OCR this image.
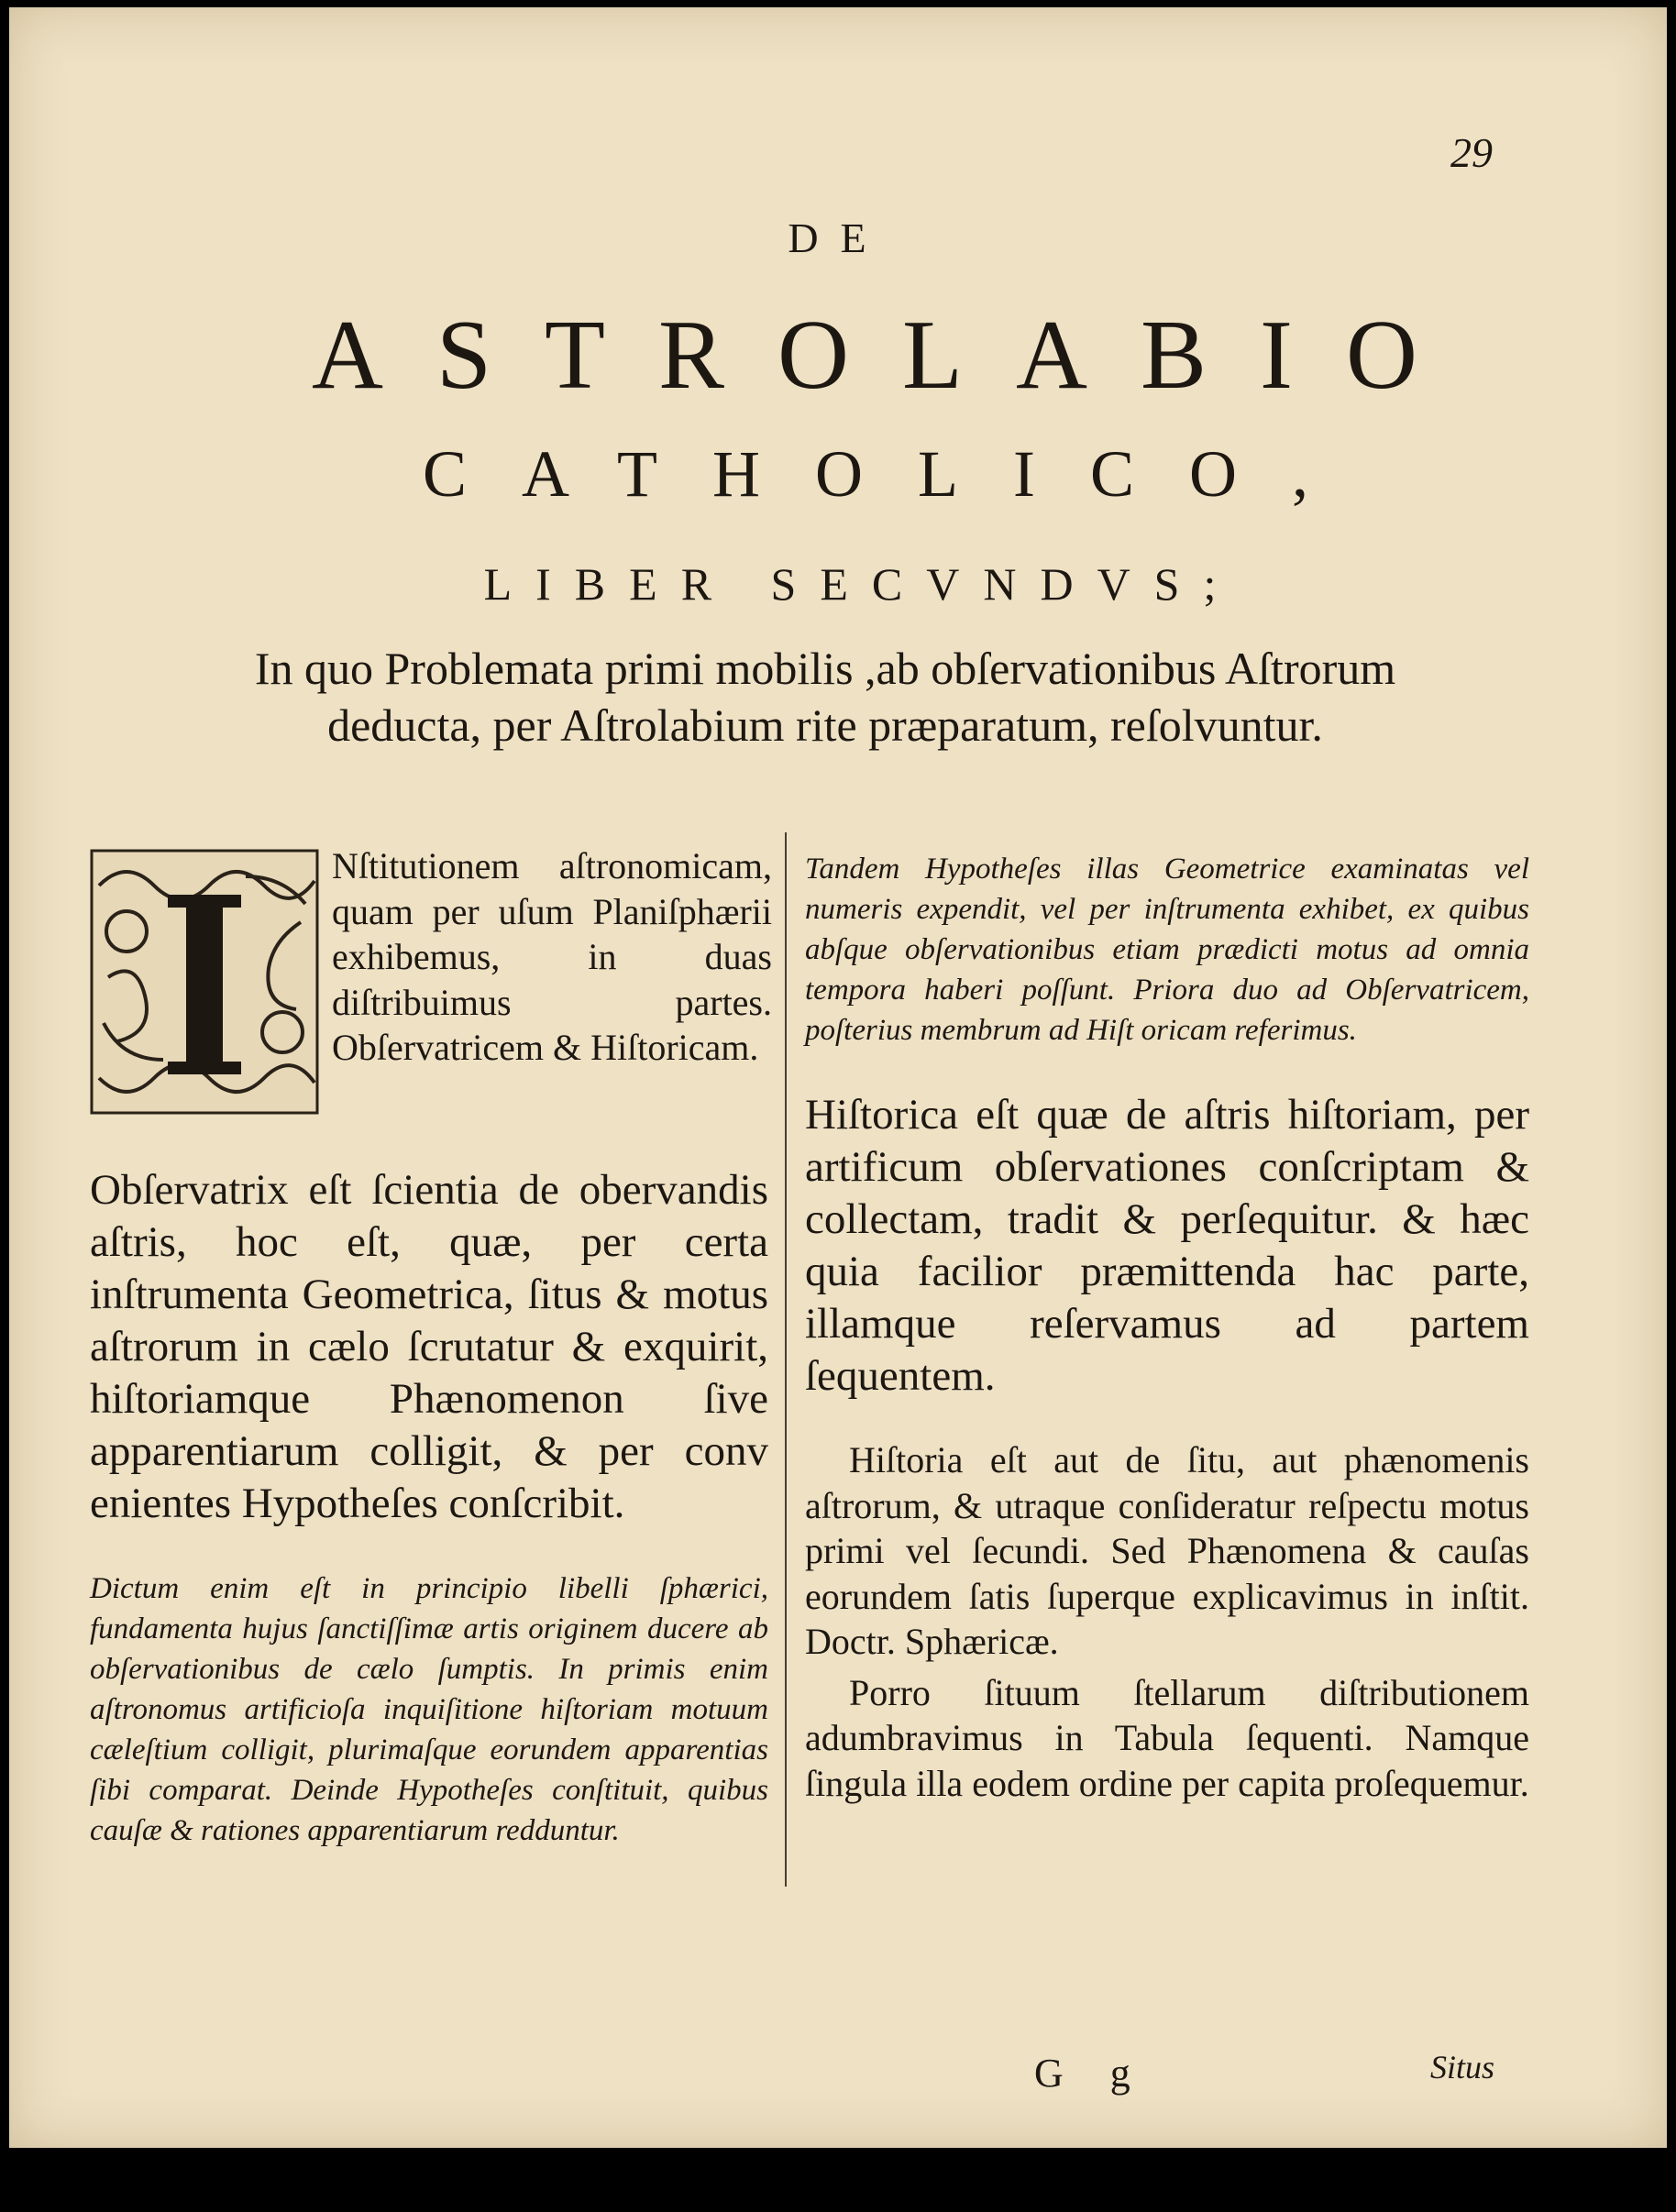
29
DE
ASTROLABIO
CATHOLICO,
LIBER SECVNDVS;
In quo Problemata primi mobilis ,ab obſervationibus Aſtrorum deducta, per Aſtrolabium rite præparatum, reſolvuntur.
Nſtitutionem aſtronomicam, quam per uſum Planiſphærii exhibemus, in duas diſtribuimus partes. Obſervatricem & Hiſtoricam.

Obſervatrix eſt ſcientia de obervandis aſtris, hoc eſt, quæ, per certa inſtrumenta Geometrica, ſitus & motus aſtrorum in cælo ſcrutatur & exquirit, hiſtoriamque Phænomenon ſive apparentiarum colligit, & per conv enientes Hypotheſes conſcribit.

Dictum enim eſt in principio libelli ſphærici, fundamenta hujus ſanctiſſimæ artis originem ducere ab obſervationibus de cælo ſumptis. In primis enim aſtronomus artificioſa inquiſitione hiſtoriam motuum cæleſtium colligit, plurimaſque eorundem apparentias ſibi comparat. Deinde Hypotheſes conſtituit, quibus cauſæ & rationes apparentiarum redduntur.

Tandem Hypotheſes illas Geometrice examinatas vel numeris expendit, vel per inſtrumenta exhibet, ex quibus abſque obſervationibus etiam prædicti motus ad omnia tempora haberi poſſunt. Priora duo ad Obſervatricem, poſterius membrum ad Hiſt oricam referimus.

Hiſtorica eſt quæ de aſtris hiſtoriam, per artificum obſervationes conſcriptam & collectam, tradit & perſequitur. & hæc quia facilior præmittenda hac parte, illamque reſervamus ad partem ſequentem.

Hiſtoria eſt aut de ſitu, aut phænomenis aſtrorum, & utraque conſideratur reſpectu motus primi vel ſecundi. Sed Phænomena & cauſas eorundem ſatis ſuperque explicavimus in inſtit. Doctr. Sphæricæ.

Porro ſituum ſtellarum diſtributionem adumbravimus in Tabula ſequenti. Namque ſingula illa eodem ordine per capita proſequemur.

G g	Situs
